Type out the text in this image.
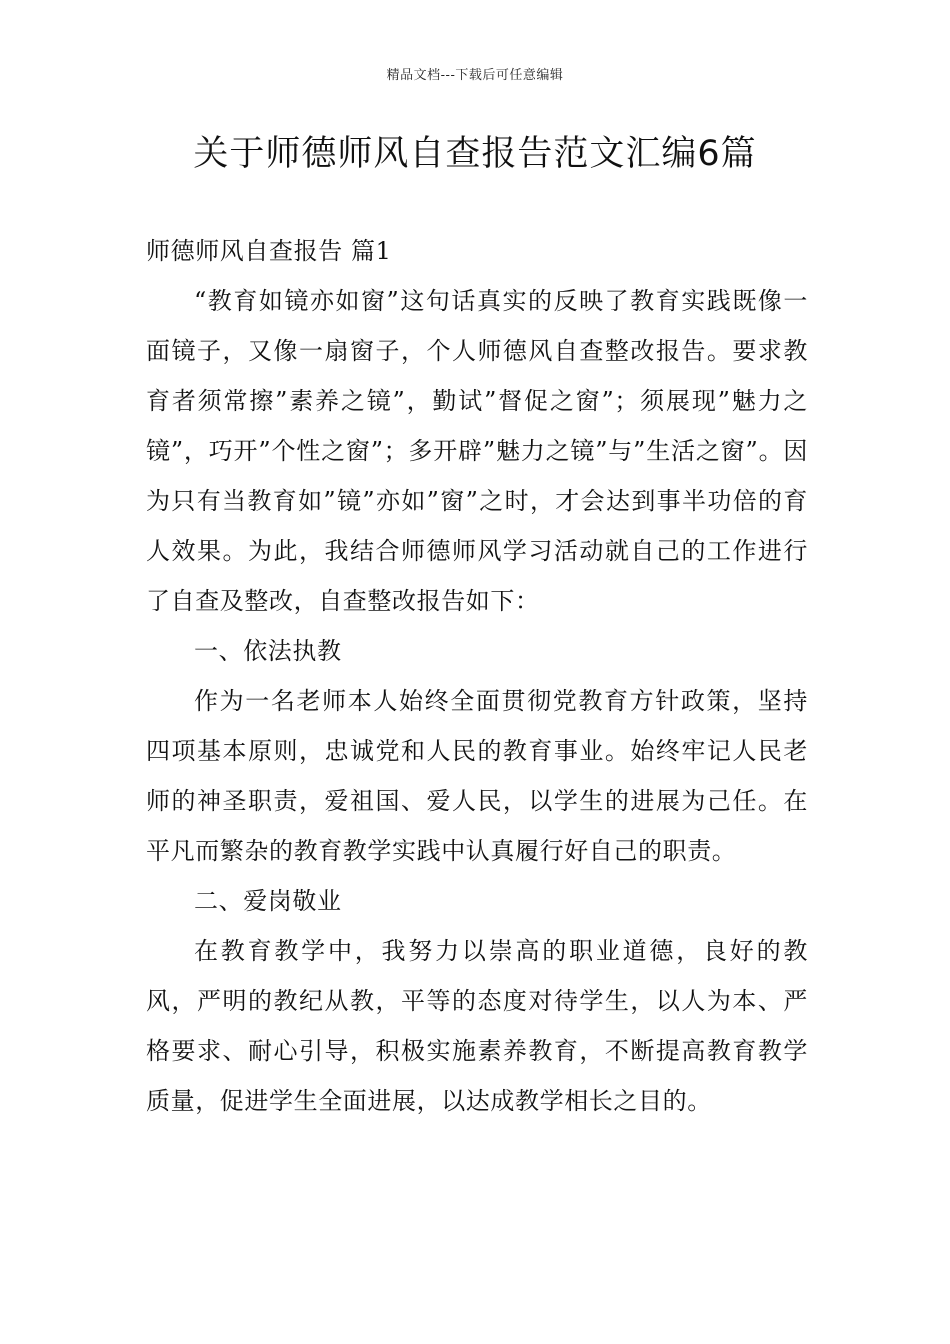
精品文档---下载后可任意编辑
关于师德师风自查报告范文汇编6篇

师德师风自查报告 篇1

“教育如镜亦如窗”这句话真实的反映了教育实践既像一面镜子，又像一扇窗子，个人师德风自查整改报告。要求教育者须常擦”素养之镜”，勤试”督促之窗”；须展现”魅力之镜”，巧开”个性之窗”；多开辟”魅力之镜”与”生活之窗”。因为只有当教育如”镜”亦如”窗”之时，才会达到事半功倍的育人效果。为此，我结合师德师风学习活动就自己的工作进行了自查及整改，自查整改报告如下：

一、依法执教

作为一名老师本人始终全面贯彻党教育方针政策，坚持四项基本原则，忠诚党和人民的教育事业。始终牢记人民老师的神圣职责，爱祖国、爱人民，以学生的进展为己任。在平凡而繁杂的教育教学实践中认真履行好自己的职责。

二、爱岗敬业

在教育教学中，我努力以崇高的职业道德，良好的教风，严明的教纪从教，平等的态度对待学生，以人为本、严格要求、耐心引导，积极实施素养教育，不断提高教育教学质量，促进学生全面进展，以达成教学相长之目的。
